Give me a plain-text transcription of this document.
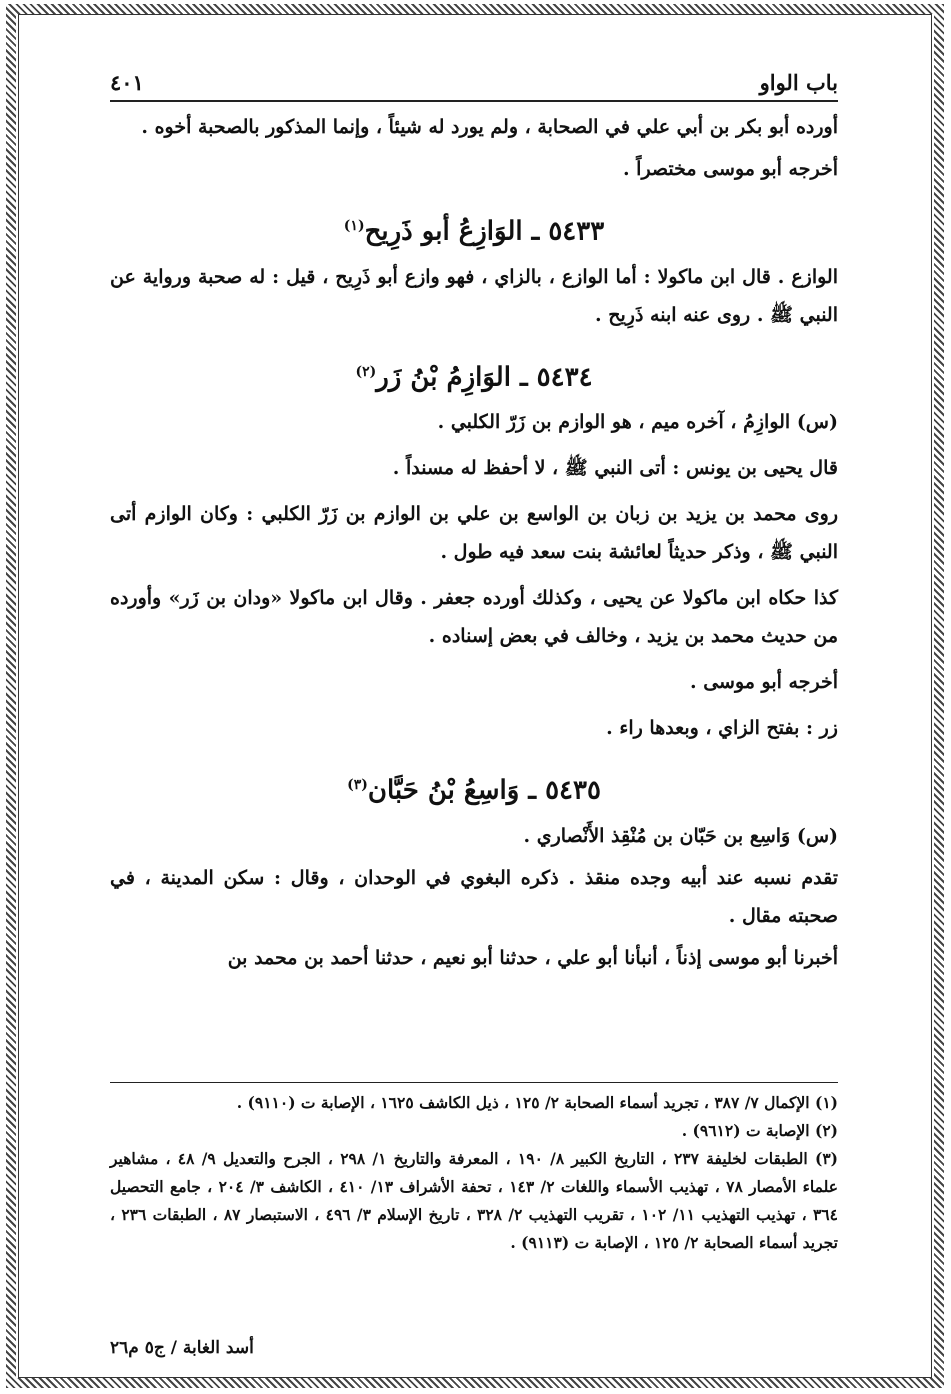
باب الواو
٤٠١

أورده أبو بكر بن أبي علي في الصحابة ، ولم يورد له شيئاً ، وإنما المذكور بالصحبة أخوه .

أخرجه أبو موسى مختصراً .

٥٤٣٣ ـ الوَازِعُ أبو ذَرِيح$^{(١)}$

الوازع . قال ابن ماكولا : أما الوازع ، بالزاي ، فهو وازع أبو ذَرِيح ، قيل : له صحبة ورواية عن النبي ﷺ . روى عنه ابنه ذَرِيح .

٥٤٣٤ ـ الوَازِمُ بْنُ زَر$^{(٢)}$

(س) الوازِمُ ، آخره ميم ، هو الوازم بن زَرّ الكلبي .

قال يحيى بن يونس : أتى النبي ﷺ ، لا أحفظ له مسنداً .

روى محمد بن يزيد بن زبان بن الواسع بن علي بن الوازم بن زَرّ الكلبي : وكان الوازم أتى النبي ﷺ ، وذكر حديثاً لعائشة بنت سعد فيه طول .

كذا حكاه ابن ماكولا عن يحيى ، وكذلك أورده جعفر . وقال ابن ماكولا «ودان بن زَر» وأورده من حديث محمد بن يزيد ، وخالف في بعض إسناده .

أخرجه أبو موسى .

زر : بفتح الزاي ، وبعدها راء .

٥٤٣٥ ـ وَاسِعُ بْنُ حَبَّان$^{(٣)}$

(س) وَاسِع بن حَبّان بن مُنْقِذ الأَنْصاري .

تقدم نسبه عند أبيه وجده منقذ . ذكره البغوي في الوحدان ، وقال : سكن المدينة ، في صحبته مقال .

أخبرنا أبو موسى إذناً ، أنبأنا أبو علي ، حدثنا أبو نعيم ، حدثنا أحمد بن محمد بن

(١) الإكمال ٧/ ٣٨٧ ، تجريد أسماء الصحابة ٢/ ١٢٥ ، ذيل الكاشف ١٦٢٥ ، الإصابة ت (٩١١٠) .

(٢) الإصابة ت (٩٦١٢) .

(٣) الطبقات لخليفة ٢٣٧ ، التاريخ الكبير ٨/ ١٩٠ ، المعرفة والتاريخ ١/ ٢٩٨ ، الجرح والتعديل ٩/ ٤٨ ، مشاهير علماء الأمصار ٧٨ ، تهذيب الأسماء واللغات ٢/ ١٤٣ ، تحفة الأشراف ١٣/ ٤١٠ ، الكاشف ٣/ ٢٠٤ ، جامع التحصيل ٣٦٤ ، تهذيب التهذيب ١١/ ١٠٢ ، تقريب التهذيب ٢/ ٣٢٨ ، تاريخ الإسلام ٣/ ٤٩٦ ، الاستبصار ٨٧ ، الطبقات ٢٣٦ ، تجريد أسماء الصحابة ٢/ ١٢٥ ، الإصابة ت (٩١١٣) .

أسد الغابة / ج٥ م٢٦
